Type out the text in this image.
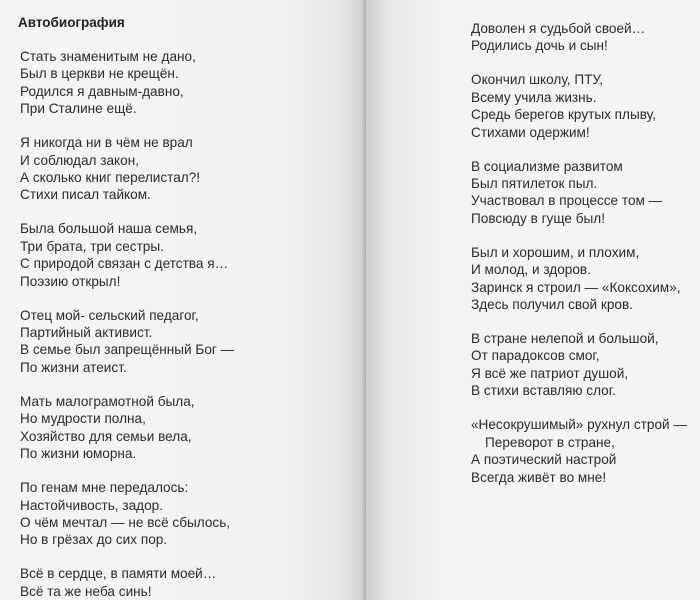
Автобиография
Стать знаменитым не дано,
Был в церкви не крещён.
Родился я давным-давно,
При Сталине ещё.
Я никогда ни в чём не врал
И соблюдал закон,
А сколько книг перелистал?!
Стихи писал тайком.
Была большой наша семья,
Три брата, три сестры.
С природой связан с детства я…
Поэзию открыл!
Отец мой- сельский педагог,
Партийный активист.
В семье был запрещённый Бог —
По жизни атеист.
Мать малограмотной была,
Но мудрости полна,
Хозяйство для семьи вела,
По жизни юморна.
По генам мне передалось:
Настойчивость, задор.
О чём мечтал — не всё сбылось,
Но в грёзах до сих пор.
Всё в сердце, в памяти моей…
Всё та же неба синь!
Доволен я судьбой своей…
Родились дочь и сын!
Окончил школу, ПТУ,
Всему учила жизнь.
Средь берегов крутых плыву,
Стихами одержим!
В социализме развитом
Был пятилеток пыл.
Участвовал в процессе том —
Повсюду в гуще был!
Был и хорошим, и плохим,
И молод, и здоров.
Заринск я строил — «Коксохим»,
Здесь получил свой кров.
В стране нелепой и большой,
От парадоксов смог,
Я всё же патриот душой,
В стихи вставляю слог.
«Несокрушимый» рухнул строй —
Переворот в стране,
А поэтический настрой
Всегда живёт во мне!
